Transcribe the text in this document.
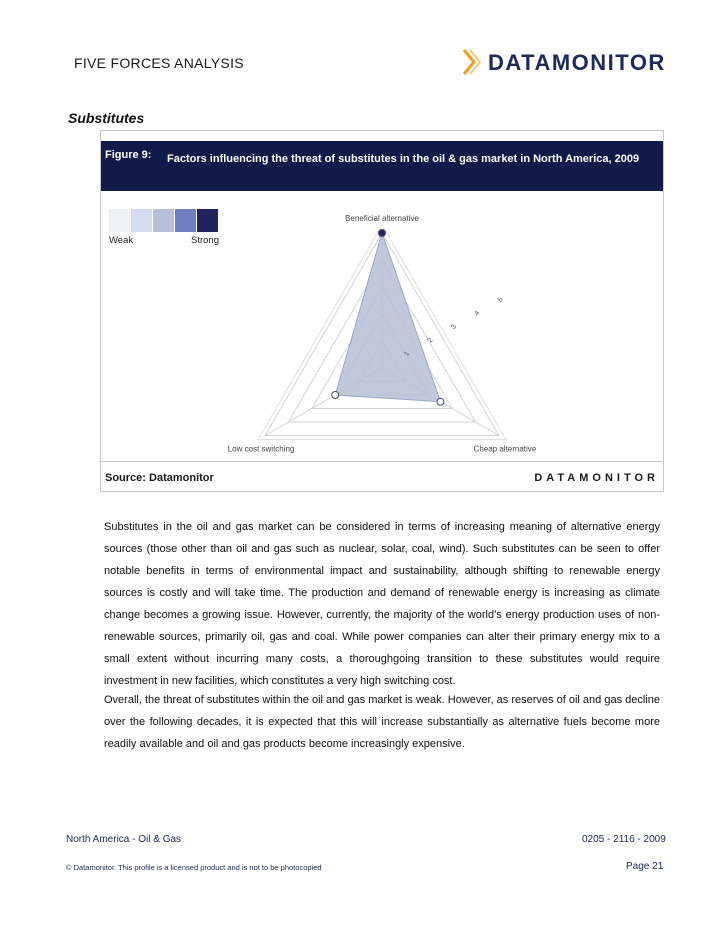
FIVE FORCES ANALYSIS	DATAMONITOR
Substitutes
Figure 9: Factors influencing the threat of substitutes in the oil & gas market in North America, 2009
Weak	Strong
1
2
3
4
5
Beneficial alternative
Cheap alternative
Low cost switching
Source: Datamonitor	DATAMONITOR
Substitutes in the oil and gas market can be considered in terms of increasing meaning of alternative energy sources (those other than oil and gas such as nuclear, solar, coal, wind). Such substitutes can be seen to offer notable benefits in terms of environmental impact and sustainability, although shifting to renewable energy sources is costly and will take time. The production and demand of renewable energy is increasing as climate change becomes a growing issue. However, currently, the majority of the world’s energy production uses of non-renewable sources, primarily oil, gas and coal. While power companies can alter their primary energy mix to a small extent without incurring many costs, a thoroughgoing transition to these substitutes would require investment in new facilities, which constitutes a very high switching cost.
Overall, the threat of substitutes within the oil and gas market is weak. However, as reserves of oil and gas decline over the following decades, it is expected that this will increase substantially as alternative fuels become more readily available and oil and gas products become increasingly expensive.
North America - Oil & Gas	0205 - 2116 - 2009
© Datamonitor. This profile is a licensed product and is not to be photocopied	Page 21
